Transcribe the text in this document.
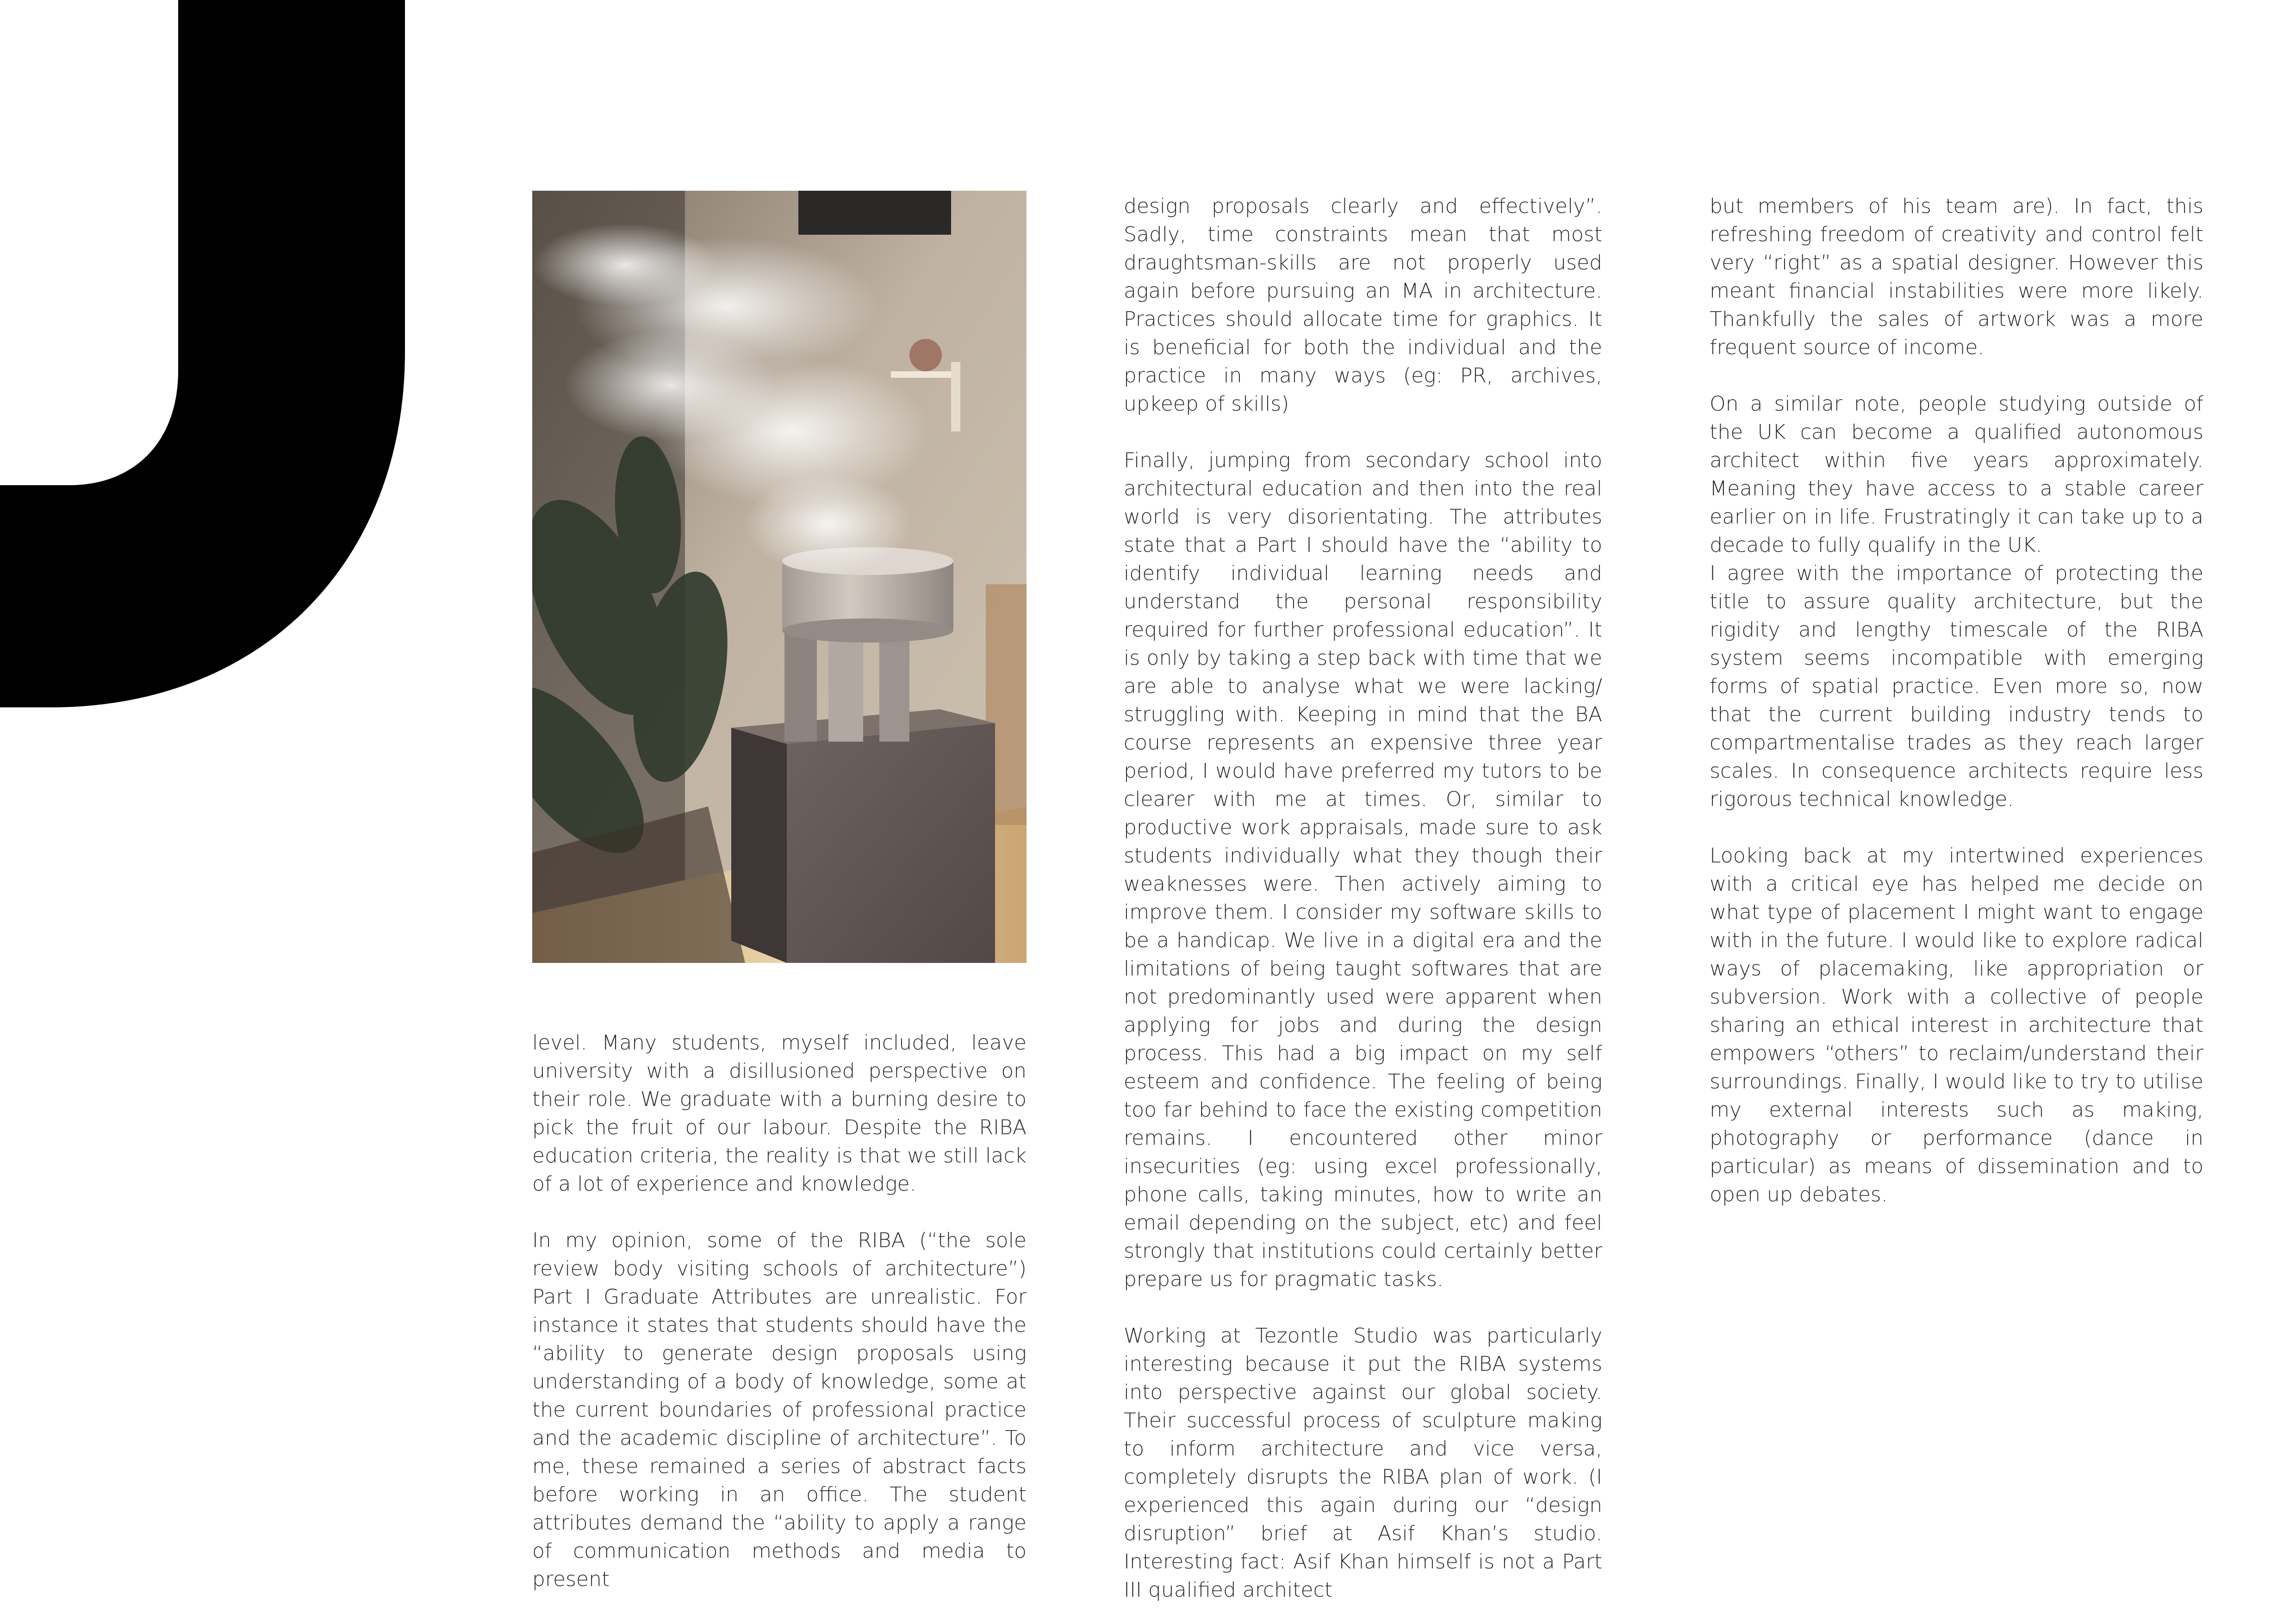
level. Many students, myself included, leave university with a disillusioned perspective on their role. We graduate with a burning desire to pick the fruit of our labour. Despite the RIBA education criteria, the reality is that we still lack of a lot of experience and knowledge.

In my opinion, some of the RIBA (“the sole review body visiting schools of architecture”) Part I Graduate Attributes are unrealistic. For instance it states that students should have the “ability to generate design proposals using understanding of a body of knowledge, some at the current boundaries of professional practice and the academic discipline of architecture”. To me, these remained a series of abstract facts before working in an office. The student attributes demand the “ability to apply a range of communication methods and media to present

design proposals clearly and effectively”. Sadly, time constraints mean that most draughtsman-skills are not properly used again before pursuing an MA in architecture. Practices should allocate time for graphics. It is beneficial for both the individual and the practice in many ways (eg: PR, archives, upkeep of skills)

Finally, jumping from secondary school into architectural education and then into the real world is very disorientating. The attributes state that a Part I should have the “ability to identify individual learning needs and understand the personal responsibility required for further professional education”. It is only by taking a step back with time that we are able to analyse what we were lacking/ struggling with. Keeping in mind that the BA course represents an expensive three year period, I would have preferred my tutors to be clearer with me at times. Or, similar to productive work appraisals, made sure to ask students individually what they though their weaknesses were. Then actively aiming to improve them. I consider my software skills to be a handicap. We live in a digital era and the limitations of being taught softwares that are not predominantly used were apparent when applying for jobs and during the design process. This had a big impact on my self esteem and confidence. The feeling of being too far behind to face the existing competition remains. I encountered other minor insecurities (eg: using excel professionally, phone calls, taking minutes, how to write an email depending on the subject, etc) and feel strongly that institutions could certainly better prepare us for pragmatic tasks.

Working at Tezontle Studio was particularly interesting because it put the RIBA systems into perspective against our global society. Their successful process of sculpture making to inform architecture and vice versa, completely disrupts the RIBA plan of work. (I experienced this again during our “design disruption” brief at Asif Khan’s studio. Interesting fact: Asif Khan himself is not a Part III qualified architect

but members of his team are). In fact, this refreshing freedom of creativity and control felt very “right” as a spatial designer. However this meant financial instabilities were more likely. Thankfully the sales of artwork was a more frequent source of income.

On a similar note, people studying outside of the UK can become a qualified autonomous architect within five years approximately. Meaning they have access to a stable career earlier on in life. Frustratingly it can take up to a decade to fully qualify in the UK.
I agree with the importance of protecting the title to assure quality architecture, but the rigidity and lengthy timescale of the RIBA system seems incompatible with emerging forms of spatial practice. Even more so, now that the current building industry tends to compartmentalise trades as they reach larger scales. In consequence architects require less rigorous technical knowledge.

Looking back at my intertwined experiences with a critical eye has helped me decide on what type of placement I might want to engage with in the future. I would like to explore radical ways of placemaking, like appropriation or subversion. Work with a collective of people sharing an ethical interest in architecture that empowers “others” to reclaim/understand their surroundings. Finally, I would like to try to utilise my external interests such as making, photography or performance (dance in particular) as means of dissemination and to open up debates.
